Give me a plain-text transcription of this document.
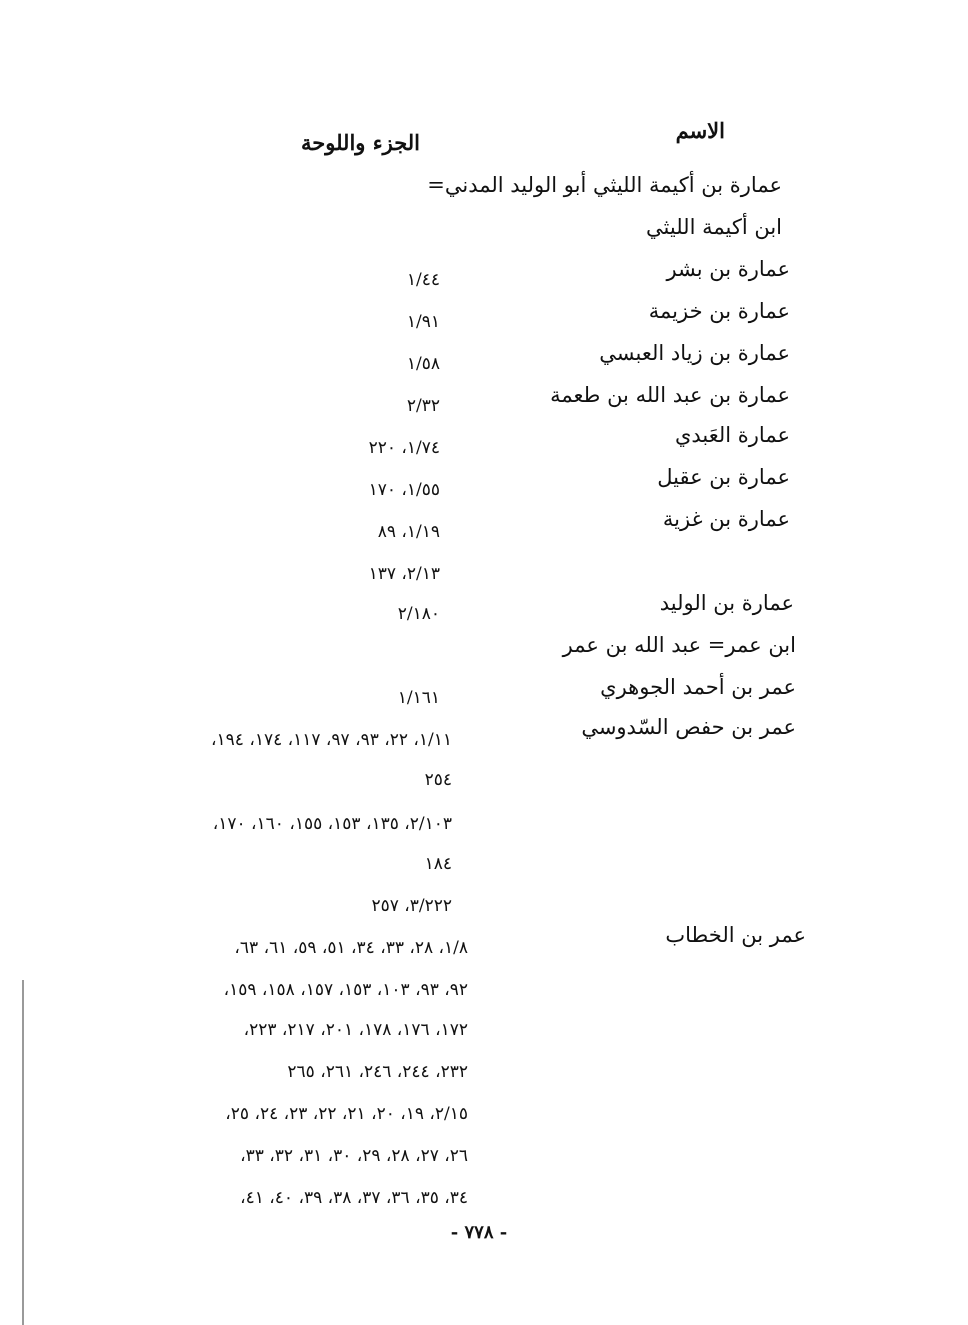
الاسم
الجزء واللوحة
عمارة بن أكيمة الليثي أبو الوليد المدني=
ابن أكيمة الليثي
عمارة بن بشر
عمارة بن خزيمة
عمارة بن زياد العبسي
عمارة بن عبد الله بن طعمة
عمارة العَبدي
عمارة بن عقيل
عمارة بن غزية
عمارة بن الوليد
ابن عمر= عبد الله بن عمر
عمر بن أحمد الجوهري
عمر بن حفص السّدوسي
عمر بن الخطاب
١/٤٤
١/٩١
١/٥٨
٢/٣٢
١/٧٤، ٢٢٠
١/٥٥، ١٧٠
١/١٩، ٨٩
٢/١٣، ١٣٧
٢/١٨٠
١/١٦١
١/١١، ٢٢، ٩٣، ٩٧، ١١٧، ١٧٤، ١٩٤،
٢٥٤
٢/١٠٣، ١٣٥، ١٥٣، ١٥٥، ١٦٠، ١٧٠،
١٨٤
٣/٢٢٢، ٢٥٧
١/٨، ٢٨، ٣٣، ٣٤، ٥١، ٥٩، ٦١، ٦٣،
٩٢، ٩٣، ١٠٣، ١٥٣، ١٥٧، ١٥٨، ١٥٩،
١٧٢، ١٧٦، ١٧٨، ٢٠١، ٢١٧، ٢٢٣،
٢٣٢، ٢٤٤، ٢٤٦، ٢٦١، ٢٦٥
٢/١٥، ١٩، ٢٠، ٢١، ٢٢، ٢٣، ٢٤، ٢٥،
٢٦، ٢٧، ٢٨، ٢٩، ٣٠، ٣١، ٣٢، ٣٣،
٣٤، ٣٥، ٣٦، ٣٧، ٣٨، ٣٩، ٤٠، ٤١،
- ٧٧٨ -
